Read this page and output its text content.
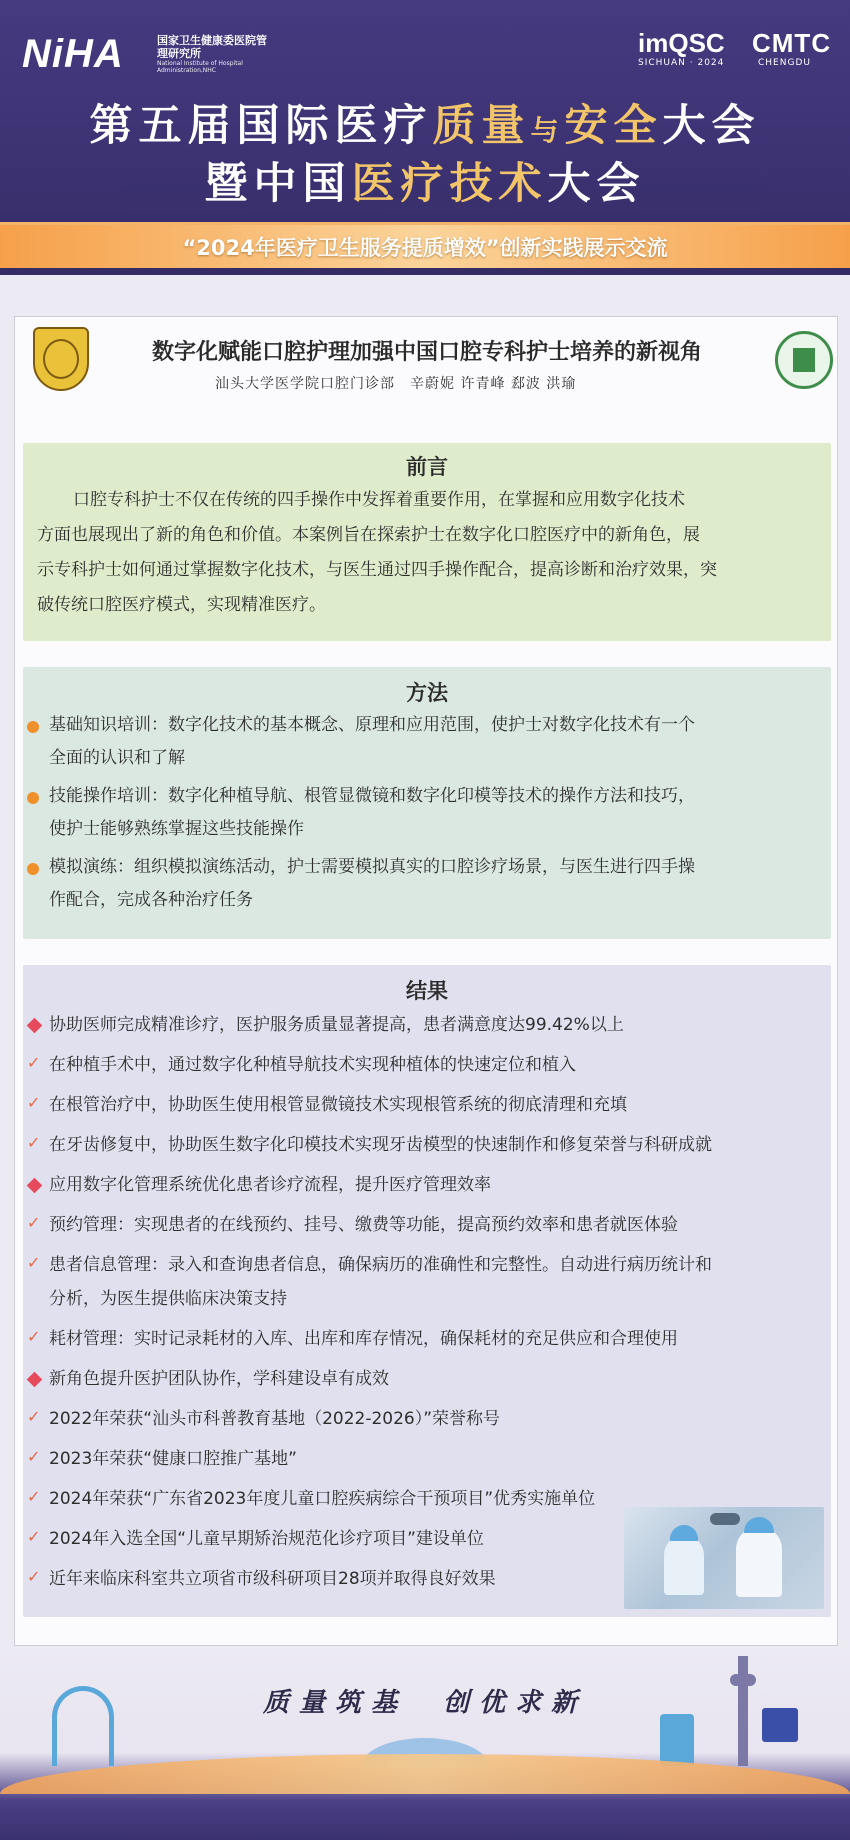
NiHA	国家卫生健康委医院管理研究所
National Institute of Hospital Administration,NHC
imQSC CMTC
SICHUAN · 2024	CHENGDU
第五届国际医疗质量与安全大会
暨中国医疗技术大会
“2024年医疗卫生服务提质增效”创新实践展示交流
数字化赋能口腔护理加强中国口腔专科护士培养的新视角
汕头大学医学院口腔门诊部　辛蔚妮 许青峰 郄波 洪瑜
前言
口腔专科护士不仅在传统的四手操作中发挥着重要作用，在掌握和应用数字化技术
方面也展现出了新的角色和价值。本案例旨在探索护士在数字化口腔医疗中的新角色，展
示专科护士如何通过掌握数字化技术，与医生通过四手操作配合，提高诊断和治疗效果，突
破传统口腔医疗模式，实现精准医疗。
方法
基础知识培训：数字化技术的基本概念、原理和应用范围，使护士对数字化技术有一个
全面的认识和了解
技能操作培训：数字化种植导航、根管显微镜和数字化印模等技术的操作方法和技巧，
使护士能够熟练掌握这些技能操作
模拟演练：组织模拟演练活动，护士需要模拟真实的口腔诊疗场景，与医生进行四手操
作配合，完成各种治疗任务
结果
协助医师完成精准诊疗，医护服务质量显著提高，患者满意度达99.42%以上
✓ 在种植手术中，通过数字化种植导航技术实现种植体的快速定位和植入
✓ 在根管治疗中，协助医生使用根管显微镜技术实现根管系统的彻底清理和充填
✓ 在牙齿修复中，协助医生数字化印模技术实现牙齿模型的快速制作和修复荣誉与科研成就
应用数字化管理系统优化患者诊疗流程，提升医疗管理效率
✓ 预约管理：实现患者的在线预约、挂号、缴费等功能，提高预约效率和患者就医体验
✓ 患者信息管理：录入和查询患者信息，确保病历的准确性和完整性。自动进行病历统计和
分析，为医生提供临床决策支持
✓ 耗材管理：实时记录耗材的入库、出库和库存情况，确保耗材的充足供应和合理使用
新角色提升医护团队协作，学科建设卓有成效
✓ 2022年荣获“汕头市科普教育基地（2022-2026）”荣誉称号
✓ 2023年荣获“健康口腔推广基地”
✓ 2024年荣获“广东省2023年度儿童口腔疾病综合干预项目”优秀实施单位
✓ 2024年入选全国“儿童早期矫治规范化诊疗项目”建设单位
✓ 近年来临床科室共立项省市级科研项目28项并取得良好效果
质量筑基　创优求新
